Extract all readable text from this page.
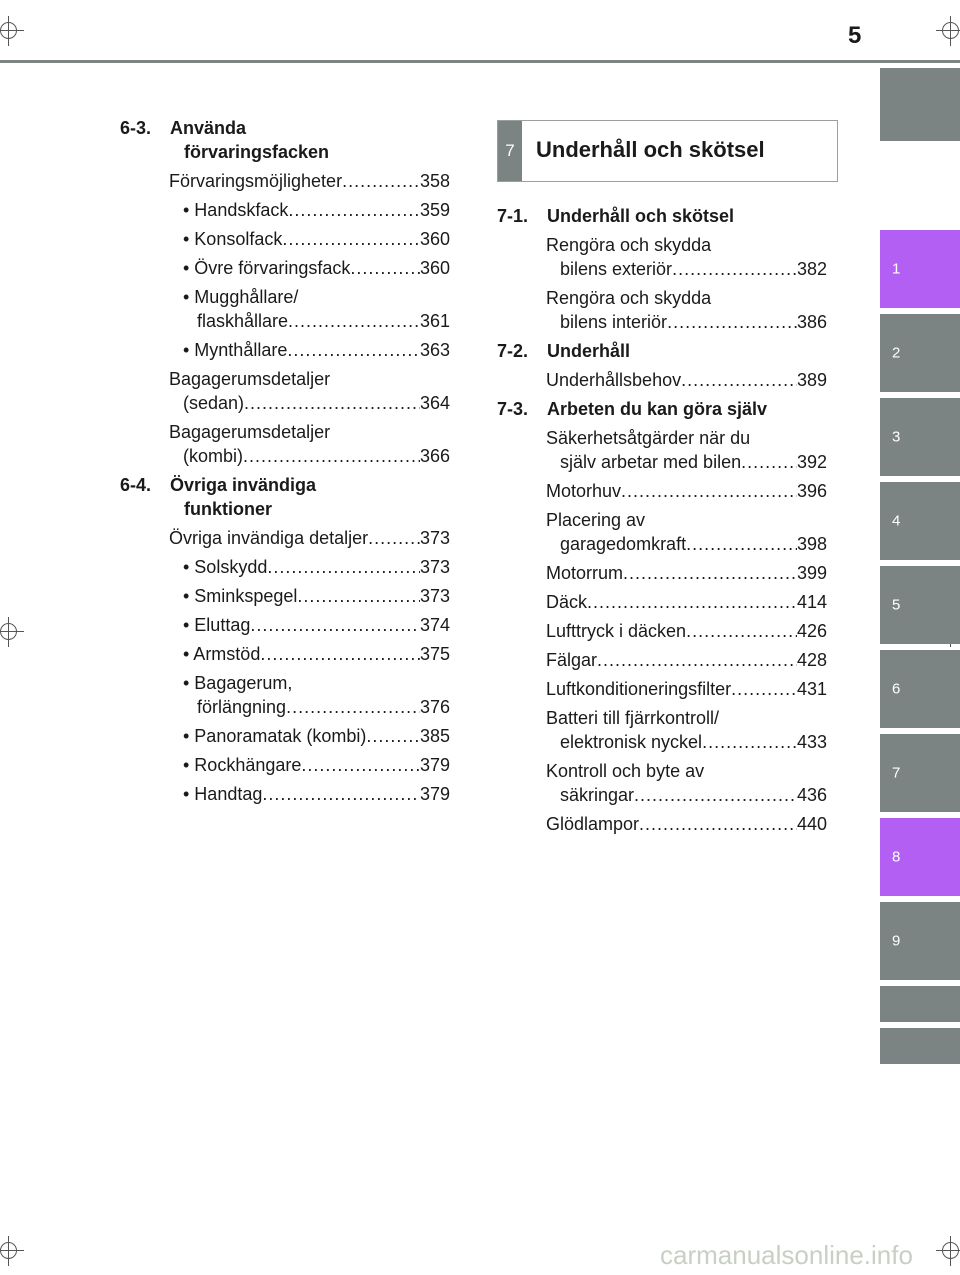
5
1
2
3
4
5
6
7
8
9
6-3. Använda
förvaringsfacken
Förvaringsmöjligheter .....	358
• Handskfack .....	359
• Konsolfack .....	360
• Övre förvaringsfack .....	360
• Mugghållare/
flaskhållare .....	361
• Mynthållare .....	363
Bagagerumsdetaljer
(sedan) .....	364
Bagagerumsdetaljer
(kombi) .....	366
6-4. Övriga invändiga
funktioner
Övriga invändiga detaljer .....	373
• Solskydd .....	373
• Sminkspegel .....	373
• Eluttag .....	374
• Armstöd .....	375
• Bagagerum,
förlängning .....	376
• Panoramatak (kombi) .....	385
• Rockhängare .....	379
• Handtag .....	379
7 Underhåll och skötsel
7-1. Underhåll och skötsel
Rengöra och skydda
bilens exteriör .....	382
Rengöra och skydda
bilens interiör .....	386
7-2. Underhåll
Underhållsbehov .....	389
7-3. Arbeten du kan göra själv
Säkerhetsåtgärder när du
själv arbetar med bilen .....	392
Motorhuv .....	396
Placering av
garagedomkraft .....	398
Motorrum .....	399
Däck .....	414
Lufttryck i däcken .....	426
Fälgar .....	428
Luftkonditioneringsfilter .....	431
Batteri till fjärrkontroll/
elektronisk nyckel .....	433
Kontroll och byte av
säkringar .....	436
Glödlampor .....	440
carmanualsonline.info
